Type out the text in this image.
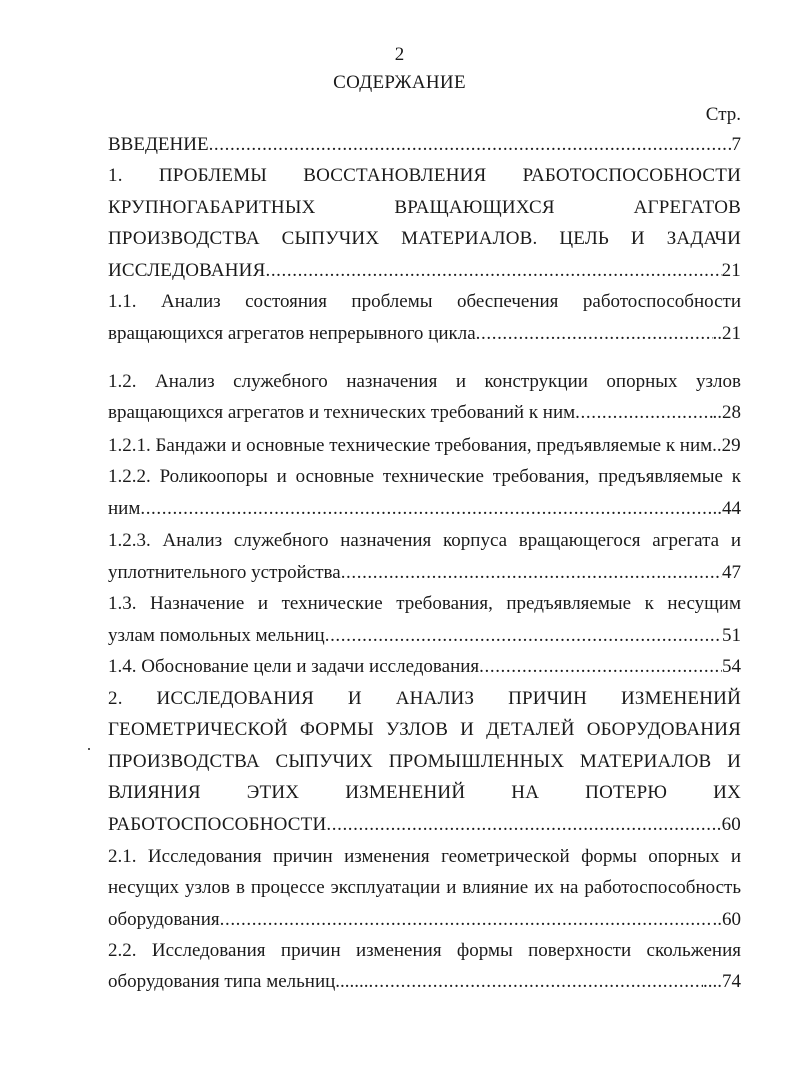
2
СОДЕРЖАНИЕ
Стр.
ВВЕДЕНИЕ .....	7
1. ПРОБЛЕМЫ ВОССТАНОВЛЕНИЯ РАБОТОСПОСОБНОСТИ
КРУПНОГАБАРИТНЫХ ВРАЩАЮЩИХСЯ АГРЕГАТОВ
ПРОИЗВОДСТВА СЫПУЧИХ МАТЕРИАЛОВ. ЦЕЛЬ И ЗАДАЧИ
ИССЛЕДОВАНИЯ .....	21
1.1. Анализ состояния проблемы обеспечения работоспособности
вращающихся агрегатов непрерывного цикла .....	..21
1.2. Анализ служебного назначения и конструкции опорных узлов
вращающихся агрегатов и технических требований к ним .....	..28
1.2.1. Бандажи и основные технические требования, предъявляемые к ним..29
1.2.2. Роликоопоры и основные технические требования, предъявляемые к
ним .....	..44
1.2.3. Анализ служебного назначения корпуса вращающегося агрегата и
уплотнительного устройства .....	47
1.3. Назначение и технические требования, предъявляемые к несущим
узлам помольных мельниц .....	51
1.4. Обоснование цели и задачи исследования .....	54
2. ИССЛЕДОВАНИЯ И АНАЛИЗ ПРИЧИН ИЗМЕНЕНИЙ
ГЕОМЕТРИЧЕСКОЙ ФОРМЫ УЗЛОВ И ДЕТАЛЕЙ ОБОРУДОВАНИЯ
ПРОИЗВОДСТВА СЫПУЧИХ ПРОМЫШЛЕННЫХ МАТЕРИАЛОВ И
ВЛИЯНИЯ ЭТИХ ИЗМЕНЕНИЙ НА ПОТЕРЮ ИХ
РАБОТОСПОСОБНОСТИ .....	.60
2.1. Исследования причин изменения геометрической формы опорных и
несущих узлов в процессе эксплуатации и влияние их на работоспособность
оборудования .....	..60
2.2. Исследования причин изменения формы поверхности скольжения
оборудования типа мельниц....... .....	....74
